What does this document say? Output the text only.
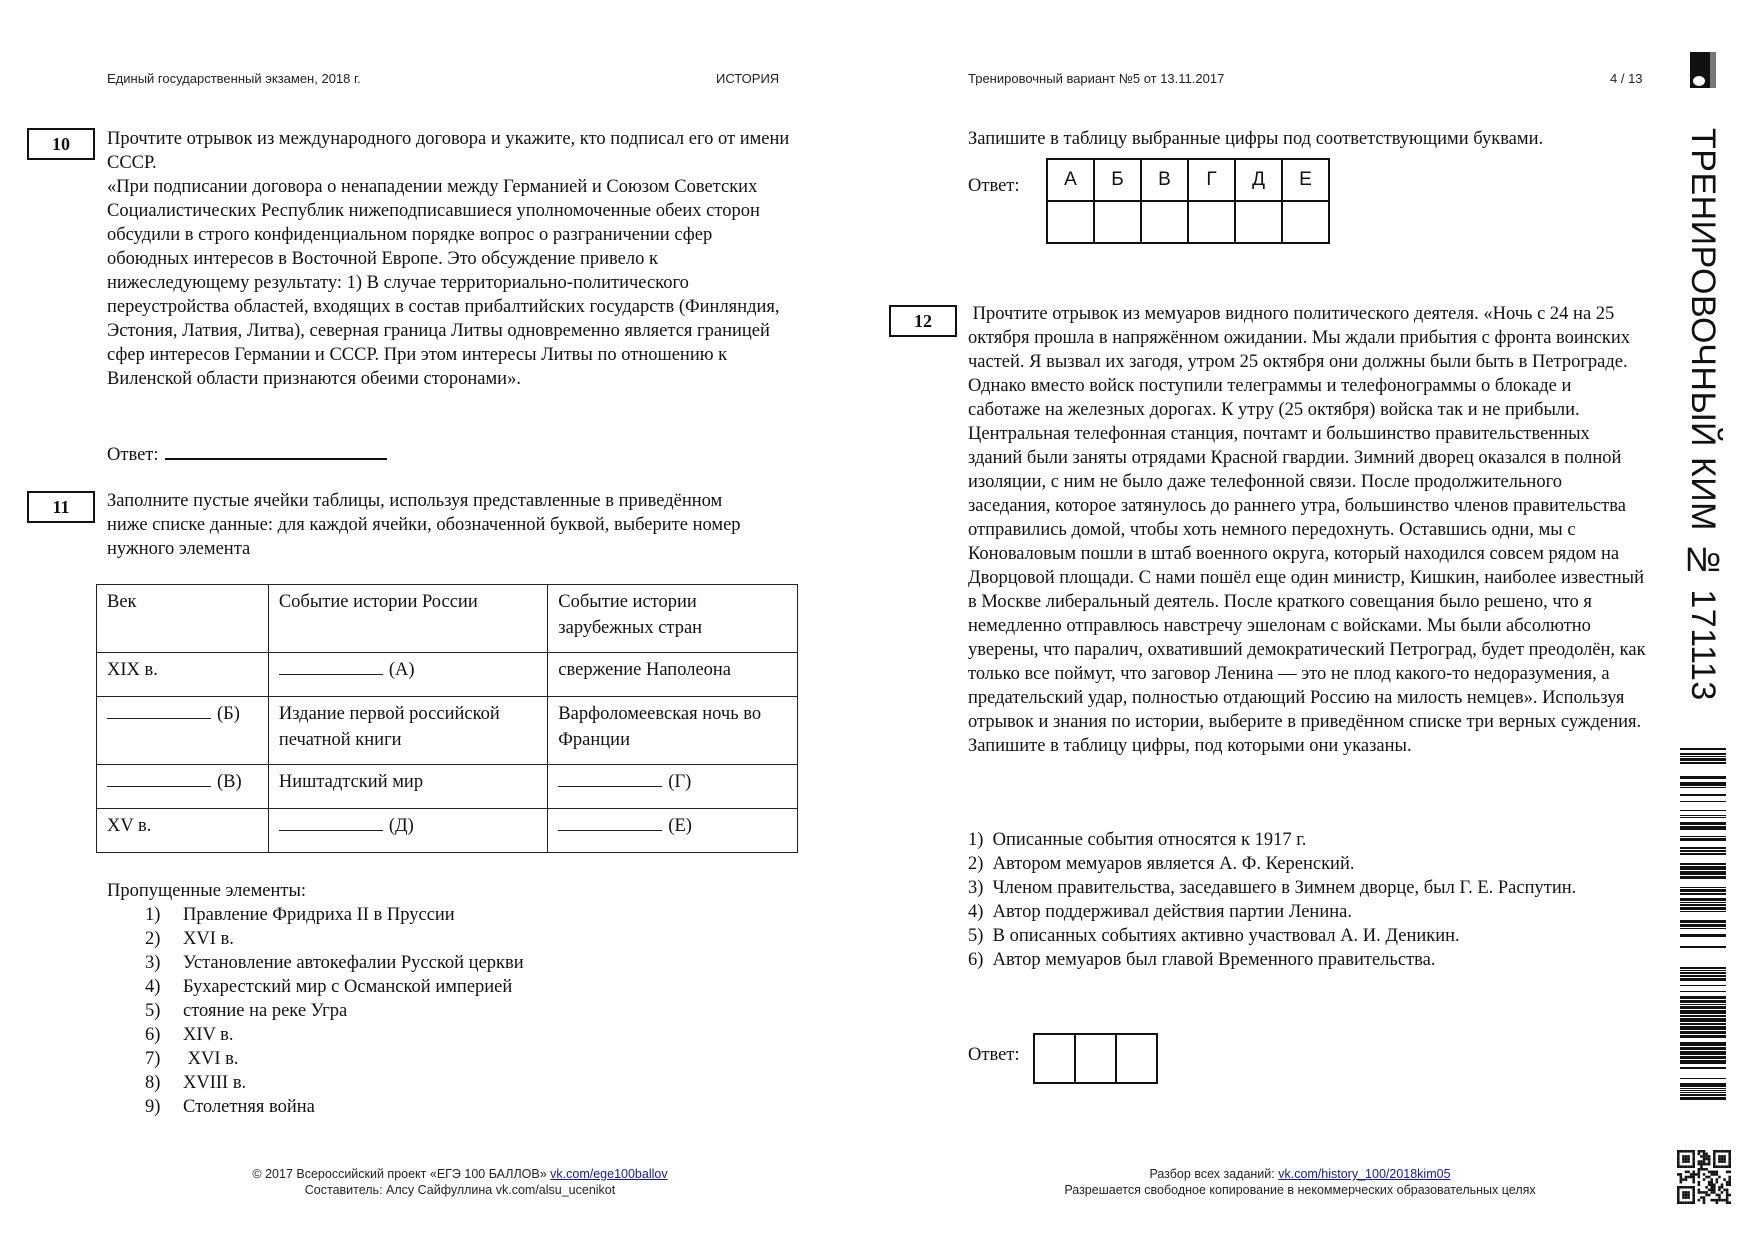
Единый государственный экзамен, 2018 г.	ИСТОРИЯ	Тренировочный вариант №5 от 13.11.2017	4 / 13
ТРЕНИРОВОЧНЫЙ КИМ № 171113
10	Прочтите отрывок из международного договора и укажите, кто подписал его от имени СССР.

«При подписании договора о ненападении между Германией и Союзом Советских Социалистических Республик нижеподписавшиеся уполномоченные обеих сторон обсудили в строго конфиденциальном порядке вопрос о разграничении сфер обоюдных интересов в Восточной Европе. Это обсуждение привело к нижеследующему результату: 1) В случае территориально-политического переустройства областей, входящих в состав прибалтийских государств (Финляндия, Эстония, Латвия, Литва), северная граница Литвы одновременно является границей сфер интересов Германии и СССР. При этом интересы Литвы по отношению к Виленской области признаются обеими сторонами».

Ответ:
11	Заполните пустые ячейки таблицы, используя представленные в приведённом ниже списке данные: для каждой ячейки, обозначенной буквой, выберите номер нужного элемента
Век	Событие истории России	Событие истории зарубежных стран
XIX в.	(А)	свержение Наполеона
(Б)	Издание первой российской печатной книги	Варфоломеевская ночь во Франции
(В)	Ништадтский мир	(Г)
XV в.	(Д)	(Е)
Пропущенные элементы:
1) Правление Фридриха II в Пруссии
2) XVI в.
3) Установление автокефалии Русской церкви
4) Бухарестский мир с Османской империей
5) стояние на реке Угра
6) XIV в.
7) XVI в.
8) XVIII в.
9) Столетняя война
Запишите в таблицу выбранные цифры под соответствующими буквами.
Ответ: А	Б	В	Г	Д	Е

12	Прочтите отрывок из мемуаров видного политического деятеля. «Ночь с 24 на 25 октября прошла в напряжённом ожидании. Мы ждали прибытия с фронта воинских частей. Я вызвал их загодя, утром 25 октября они должны были быть в Петрограде. Однако вместо войск поступили телеграммы и телефонограммы о блокаде и саботаже на железных дорогах. К утру (25 октября) войска так и не прибыли. Центральная телефонная станция, почтамт и большинство правительственных зданий были заняты отрядами Красной гвардии. Зимний дворец оказался в полной изоляции, с ним не было даже телефонной связи. После продолжительного заседания, которое затянулось до раннего утра, большинство членов правительства отправились домой, чтобы хоть немного передохнуть. Оставшись одни, мы с Коноваловым пошли в штаб военного округа, который находился совсем рядом на Дворцовой площади. С нами пошёл еще один министр, Кишкин, наиболее известный в Москве либеральный деятель. После краткого совещания было решено, что я немедленно отправлюсь навстречу эшелонам с войсками. Мы были абсолютно уверены, что паралич, охвативший демократический Петроград, будет преодолён, как только все поймут, что заговор Ленина — это не плод какого-то недоразумения, а предательский удар, полностью отдающий Россию на милость немцев». Используя отрывок и знания по истории, выберите в приведённом списке три верных суждения. Запишите в таблицу цифры, под которыми они указаны.

1)  Описанные события относятся к 1917 г.

2)  Автором мемуаров является А. Ф. Керенский.

3)  Членом правительства, заседавшего в Зимнем дворце, был Г. Е. Распутин.

4)  Автор поддерживал действия партии Ленина.

5)  В описанных событиях активно участвовал А. И. Деникин.

6)  Автор мемуаров был главой Временного правительства.

Ответ:

© 2017 Всероссийский проект «ЕГЭ 100 БАЛЛОВ» vk.com/ege100ballov
Составитель: Алсу Сайфуллина vk.com/alsu_ucenikot
Разбор всех заданий: vk.com/history_100/2018kim05
Разрешается свободное копирование в некоммерческих образовательных целях
